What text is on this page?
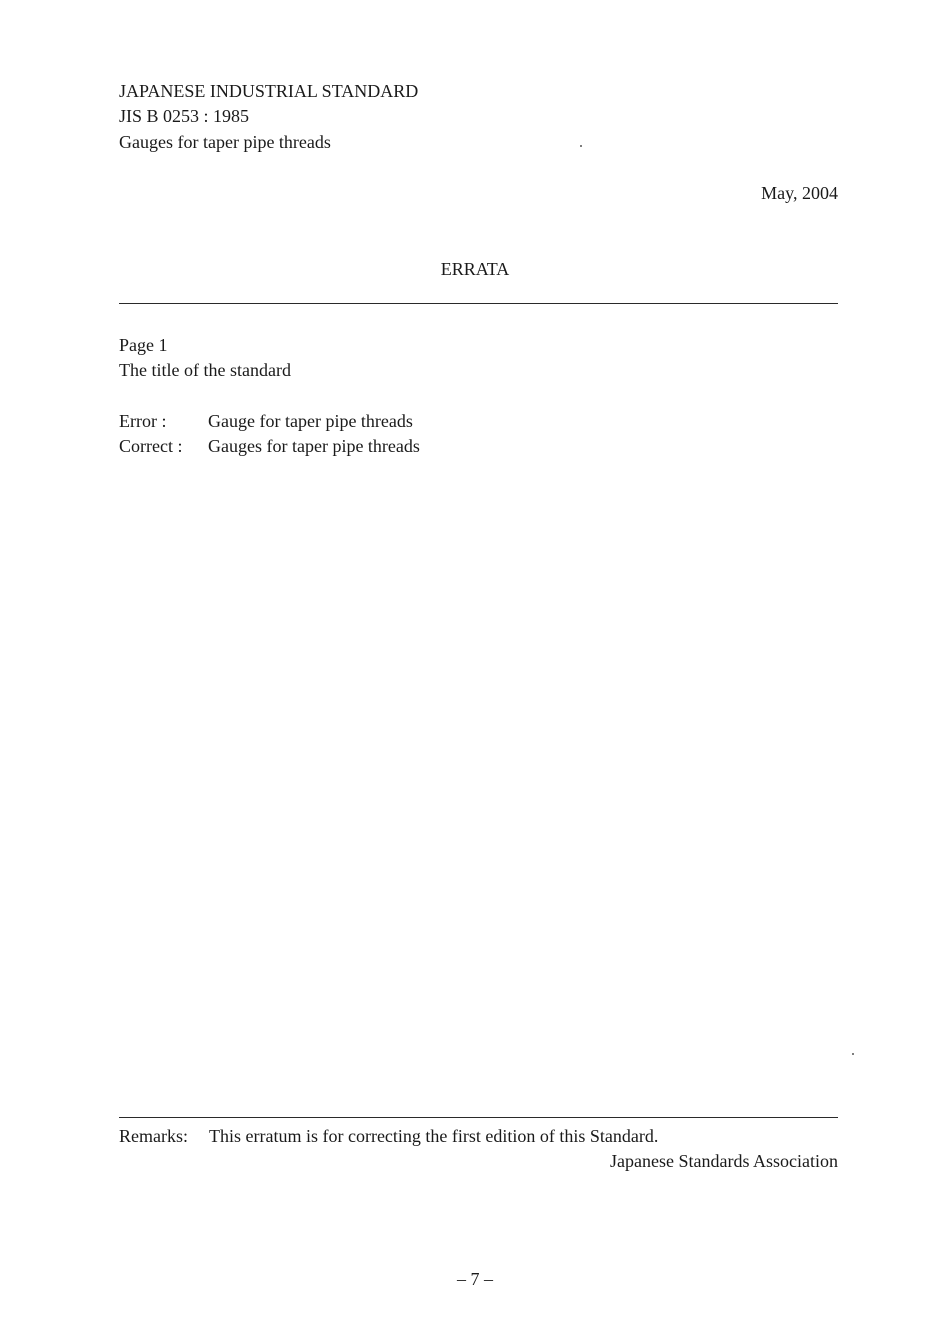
JAPANESE INDUSTRIAL STANDARD
JIS B 0253 : 1985
Gauges for taper pipe threads
May, 2004
ERRATA
Page 1
The title of the standard
Error : Gauge for taper pipe threads
Correct : Gauges for taper pipe threads
Remarks: This erratum is for correcting the first edition of this Standard.
Japanese Standards Association
– 7 –
